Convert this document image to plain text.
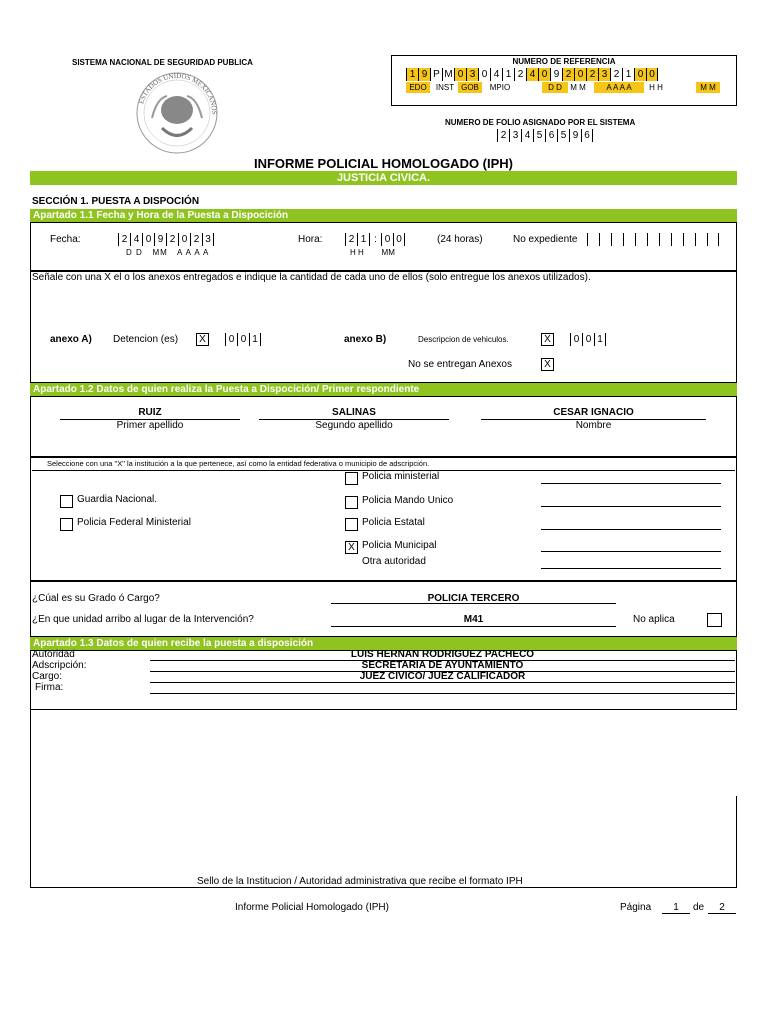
SISTEMA NACIONAL DE SEGURIDAD PUBLICA
ESTADOS UNIDOS MEXICANOS
NUMERO DE REFERENCIA
1 9 P M 0 3 0 4 1 2 4 0 9 2 0 2 3 2 1 0 0
EDO	INST GOB	MPIO	D D	M M	A A A A	H H	M M
NUMERO DE FOLIO ASIGNADO POR EL SISTEMA
2 3 4 5 6 5 9 6
INFORME POLICIAL HOMOLOGADO (IPH)
JUSTICIA CIVICA.
SECCIÓN 1. PUESTA A DISPOCIÓN
Apartado 1.1 Fecha y Hora de la Puesta a Dispocición
Fecha:	2 4 0 9 2 0 2 3
D D   MM   A A A A
Hora:	2 1 : 0 0
H H        MM
(24 horas)	No expediente
Señale con una X el o los anexos entregados e indique la cantidad de cada uno de ellos (solo entregue los anexos utilizados).
anexo A) Detencion (es)	X	0 0 1	anexo B)	Descripcion de vehiculos.	X	0 0 1
No se entregan Anexos	X
Apartado 1.2 Datos de quien realiza la Puesta a Dispocición/ Primer respondiente
RUIZ
Primer apellido
SALINAS
Segundo apellido
CESAR IGNACIO
Nombre
Seleccione con una "X" la institución a la que pertenece, así como la entidad federativa o municipio de adscripción.
Policia ministerial
Guardia Nacional.	Policia Mando Unico
Policia Federal Ministerial	Policia Estatal
X Policia Municipal
Otra autoridad
¿Cúal es su Grado ó Cargo?	POLICIA TERCERO
¿En que unidad arribo al lugar de la Intervención?	M41	No aplica
Apartado 1.3 Datos de quien recibe la puesta a disposición
Autoridad	LUIS HERNAN RODRIGUEZ PACHECO
Adscripción:	SECRETARIA DE AYUNTAMIENTO
Cargo:	JUEZ CIVICO/ JUEZ CALIFICADOR
Firma:
Sello de la Institucion / Autoridad administrativa que recibe el formato IPH
Informe Policial Homologado (IPH)	Página	1	de	2
